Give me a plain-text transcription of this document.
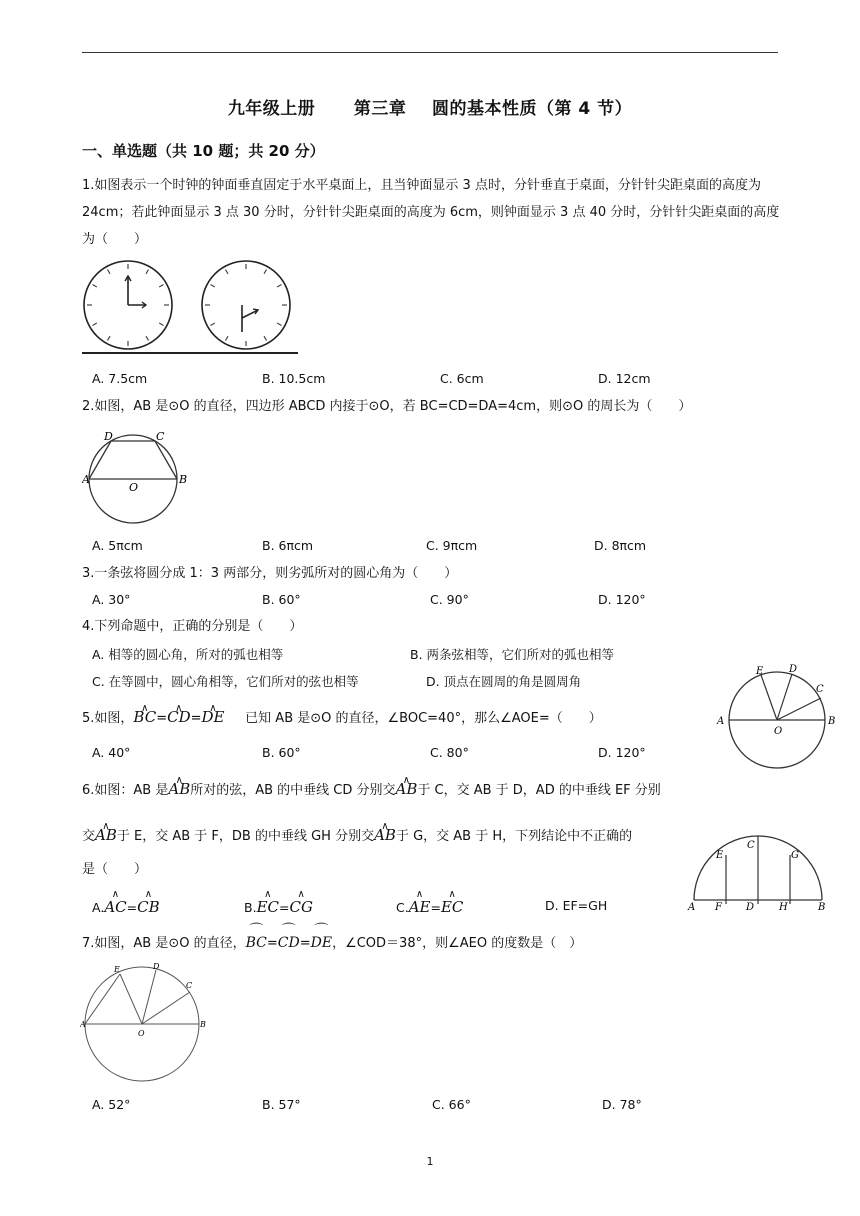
九年级上册      第三章    圆的基本性质（第 4 节）
一、单选题（共 10 题；共 20 分）
1.如图表示一个时钟的钟面垂直固定于水平桌面上，且当钟面显示 3 点时，分针垂直于桌面，分针针尖距桌面的高度为 24cm；若此钟面显示 3 点 30 分时，分针针尖距桌面的高度为 6cm，则钟面显示 3 点 40 分时，分针针尖距桌面的高度为（　　）
A. 7.5cm	B. 10.5cm	C. 6cm	D. 12cm
2.如图，AB 是⊙O 的直径，四边形 ABCD 内接于⊙O，若 BC=CD=DA=4cm，则⊙O 的周长为（　　）
D	C
A
O
B
A. 5πcm	B. 6πcm	C. 9πcm	D. 8πcm
3.一条弦将圆分成 1：3 两部分，则劣弧所对的圆心角为（　　）
A. 30°	B. 60°	C. 90°	D. 120°
4.下列命题中，正确的分别是（　　）
A. 相等的圆心角，所对的弧也相等	B. 两条弦相等，它们所对的弧也相等
C. 在等圆中，圆心角相等，它们所对的弦也相等	D. 顶点在圆周的角是圆周角
E	D
C
A
O
B
5.如图，∧ BC=∧ CD=∧ DE 已知 AB 是⊙O 的直径，∠BOC=40°，那么∠AOE=（　　）
A. 40°	B. 60°	C. 80°	D. 120°
6.如图：AB 是∧ AB所对的弦，AB 的中垂线 CD 分别交∧ AB于 C，交 AB 于 D，AD 的中垂线 EF 分别
交∧ AB于 E，交 AB 于 F，DB 的中垂线 GH 分别交∧ AB于 G，交 AB 于 H，下列结论中不正确的
是（　　）
C
E	G
A F D H	B
A.∧ AC=∧ CB	B.∧ EC=∧ CG	C.∧ AE=∧ EC	D. EF=GH
7.如图，AB 是⊙O 的直径，⌒ BC=⌒ CD=⌒ DE，∠COD＝38°，则∠AEO 的度数是（　）
E	D
C
A
O
B
A. 52°	B. 57°	C. 66°	D. 78°
1
